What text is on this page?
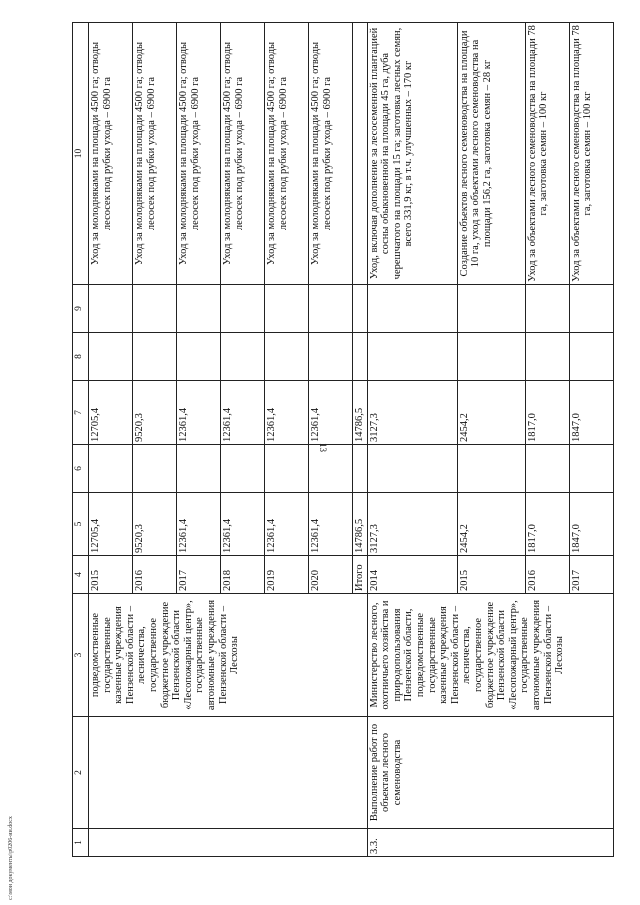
13
c:\мои документы\р0206-ии.docx	1	2	3	4	5	6	7	8	9	10
		подведомственные государственные казенные учреждения Пензенской области – лесничества, государственное бюджетное учреждение Пензенской области «Лесопожарный центр», государственные автономные учреждения Пензенской области – Лесхозы	2015	12705,4		12705,4			Уход за молодняками на площади 4500 га; отводы лесосек под рубки ухода – 6900 га
			2016	9520,3		9520,3			Уход за молодняками на площади 4500 га; отводы лесосек под рубки ухода – 6900 га
			2017	12361,4		12361,4			Уход за молодняками на площади 4500 га; отводы лесосек под рубки ухода – 6900 га
			2018	12361,4		12361,4			Уход за молодняками на площади 4500 га; отводы лесосек под рубки ухода – 6900 га
			2019	12361,4		12361,4			Уход за молодняками на площади 4500 га; отводы лесосек под рубки ухода – 6900 га
			2020	12361,4		12361,4			Уход за молодняками на площади 4500 га; отводы лесосек под рубки ухода – 6900 га
			Итого	14786,5		14786,5			
3.3.	Выполнение работ по объектам лесного семеноводства	Министерство лесного, охотничьего хозяйства и природопользования Пензенской области, подведомственные государственные казенные учреждения Пензенской области – лесничества, государственное бюджетное учреждение Пензенской области «Лесопожарный центр», государственные автономные учреждения Пензенской области – Лесхозы	2014	3127,3		3127,3			Уход, включая дополнение за лесосеменной плантацией сосны обыкновенной на площади 45 га, дуба черешчатого на площади 15 га; заготовка лесных семян, всего 331,9 кг, в т.ч. улучшенных – 170 кг
			2015	2454,2		2454,2			Создание объектов лесного семеноводства на площади 10 га, уход за объектами лесного семеноводства на площади 156,2 га, заготовка семян – 28 кг
			2016	1817,0		1817,0			Уход за объектами лесного семеноводства на площади 78 га, заготовка семян – 100 кг
			2017	1847,0		1847,0			Уход за объектами лесного семеноводства на площади 78 га, заготовка семян – 100 кг
